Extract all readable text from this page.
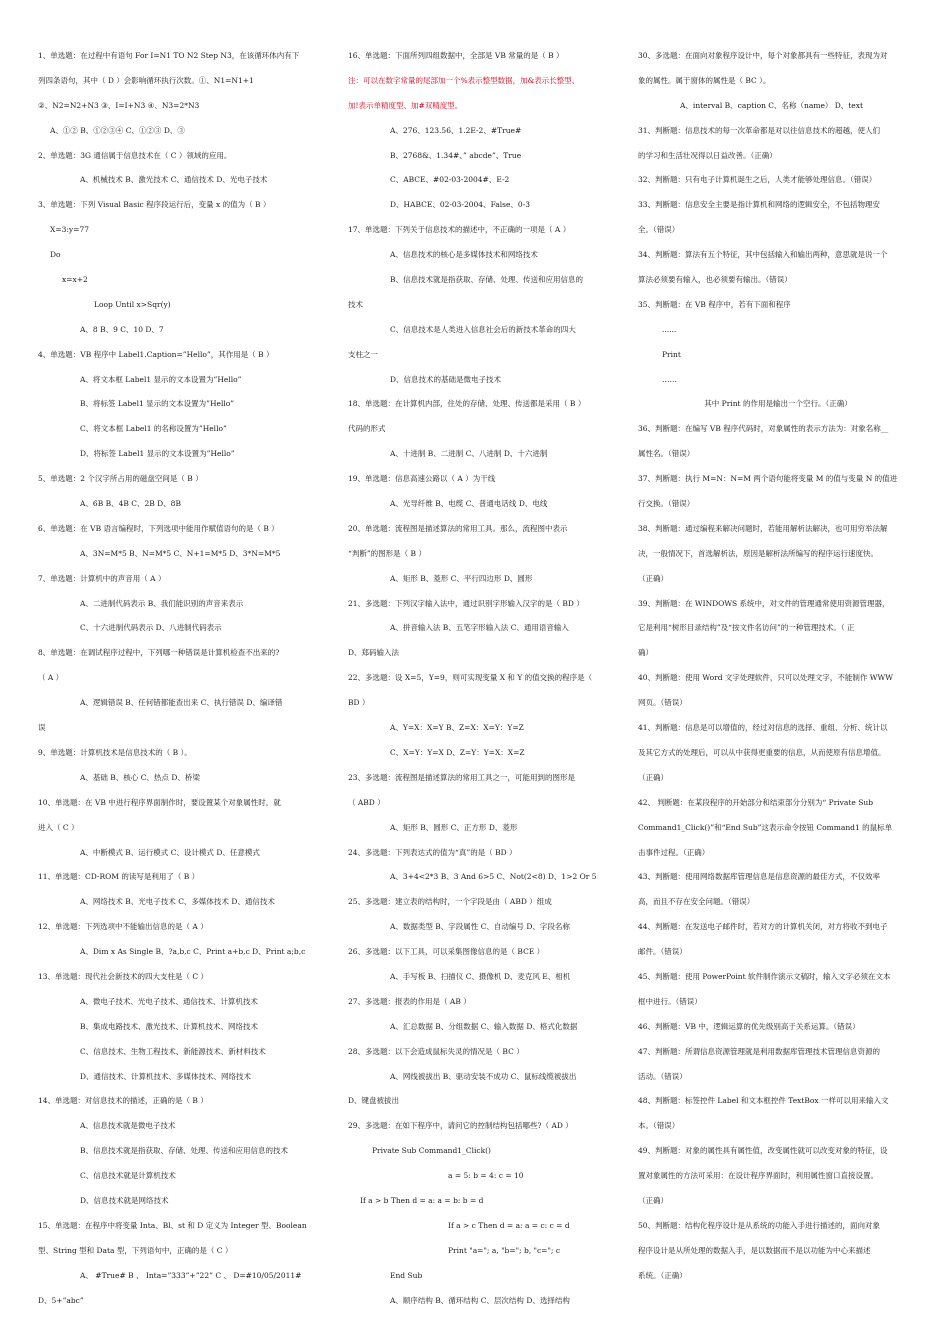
1、单选题：在过程中有语句 For I=N1 TO N2 Step N3，在该循环体内有下
列四条语句，其中（ D ）会影响循环执行次数。①、N1=N1+1
②、N2=N2+N3 ③、I=I+N3 ④、N3=2*N3
A、①② B、①②③④ C、①②③ D、③
2、单选题：3G 通信属于信息技术在（ C ）领域的应用。
A、机械技术 B、激光技术 C、通信技术 D、光电子技术
3、单选题：下列 Visual Basic 程序段运行后，变量 x 的值为（ B ）
X=3:y=77
Do
x=x+2
Loop Until x>Sqr(y)
A、8 B、9 C、10 D、7
4、单选题：VB 程序中 Label1.Caption=”Hello”，其作用是（ B ）
A、将文本框 Label1 显示的文本设置为”Hello”
B、将标签 Label1 显示的文本设置为”Hello”
C、将文本框 Label1 的名称设置为”Hello”
D、将标签 Label1 显示的文本设置为”Hello”
5、单选题：2 个汉字所占用的磁盘空间是（ B ）
A、6B B、4B C、2B D、8B
6、单选题：在 VB 语言编程时，下列选项中能用作赋值语句的是（ B ）
A、3N=M*5 B、N=M*5 C、N+1=M*5 D、3*N=M*5
7、单选题：计算机中的声音用（ A ）
A、二进制代码表示 B、我们能识别的声音来表示
C、十六进制代码表示 D、八进制代码表示
8、单选题：在调试程序过程中，下列哪一种错误是计算机检查不出来的?
（ A ）
A、逻辑错误 B、任何错都能查出来 C、执行错误 D、编译错
误
9、单选题：计算机技术是信息技术的（ B ）。
A、基础 B、核心 C、热点 D、桥梁
10、单选题：在 VB 中进行程序界面制作时，要设置某个对象属性时，就
进入（ C ）
A、中断模式 B、运行模式 C、设计模式 D、任意模式
11、单选题：CD-ROM 的读写是利用了（ B ）
A、网络技术 B、光电子技术 C、多媒体技术 D、通信技术
12、单选题：下列选项中不能输出信息的是（ A ）
A、Dim x As Single B、?a,b,c C、Print a+b,c D、Print a;b,c
13、单选题：现代社会新技术的四大支柱是（ C ）
A、微电子技术、光电子技术、通信技术、计算机技术
B、集成电路技术、激光技术、计算机技术、网络技术
C、信息技术、生物工程技术、新能源技术、新材料技术
D、通信技术、计算机技术、多媒体技术、网络技术
14、单选题：对信息技术的描述，正确的是（ B ）
A、信息技术就是微电子技术
B、信息技术就是指获取、存储、处理、传送和应用信息的技术
C、信息技术就是计算机技术
D、信息技术就是网络技术
15、单选题：在程序中将变量 Inta、Bl、st 和 D 定义为 Integer 型、Boolean
型、String 型和 Data 型，下列语句中，正确的是（ C ）
A、 #True# B 、 Inta=”333”+”22” C 、 D=#10/05/2011#
D、5+”abc”
16、单选题：下面所列四组数据中，全部是 VB 常量的是（ B ）
注：可以在数字常量的尾部加一个%表示整型数据，加&表示长整型、
加!表示单精度型、加#双精度型。
A、276、123.56、1.2E-2、#True#
B、2768&、1.34#、” abcde”、True
C、ABCE、#02-03-2004#、E-2
D、HABCE、02-03-2004、False、0-3
17、单选题：下列关于信息技术的描述中，不正确的一项是（ A ）
A、信息技术的核心是多媒体技术和网络技术
B、信息技术就是指获取、存储、处理、传送和应用信息的
技术
C、信息技术是人类进入信息社会后的新技术革命的四大
支柱之一
D、信息技术的基础是微电子技术
18、单选题：在计算机内部，住处的存储、处理、传送都是采用（ B ）
代码的形式
A、十进制 B、二进制 C、八进制 D、十六进制
19、单选题：信息高速公路以（ A ）为干线
A、光导纤维 B、电缆 C、普通电话线 D、电线
20、单选题：流程图是描述算法的常用工具。那么，流程图中表示
“判断”的图形是（ B ）
A、矩形 B、菱形 C、平行四边形 D、圆形
21、多选题：下列汉字输入法中，通过识别字形输入汉字的是（ BD ）
A、拼音输入法 B、五笔字形输入法 C、通用语音输入
D、郑码输入法
22、多选题：设 X=5，Y=9，则可实现变量 X 和 Y 的值交换的程序是（
BD ）
A、Y=X：X=Y B、Z=X：X=Y：Y=Z
C、X=Y：Y=X D、Z=Y：Y=X：X=Z
23、多选题：流程图是描述算法的常用工具之一，可能用到的图形是
（ ABD ）
A、矩形 B、圆形 C、正方形 D、菱形
24、多选题：下列表达式的值为“真”的是（ BD ）
A、3+4<2*3 B、3 And 6>5 C、Not(2<8) D、1>2 Or 5
25、多选题：建立表的结构时，一个字段是由（ ABD ）组成
A、数据类型 B、字段属性 C、自动编号 D、字段名称
26、多选题：以下工具，可以采集图像信息的是（ BCE ）
A、手写板 B、扫描仪 C、摄像机 D、麦克风 E、相机
27、多选题：报表的作用是（ AB ）
A、汇总数据 B、分组数据 C、输入数据 D、格式化数据
28、多选题：以下会造成鼠标失灵的情况是（ BC ）
A、网线被拔出 B、驱动安装不成功 C、鼠标线缆被拔出
D、键盘被拔出
29、多选题：在如下程序中，请问它的控制结构包括哪些?（ AD ）
Private Sub Command1_Click()
a = 5: b = 4: c = 10
If a > b Then d = a: a = b: b = d
If a > c Then d = a: a = c: c = d
Print "a="; a, "b="; b, "c="; c
End Sub
A、顺序结构 B、循环结构 C、层次结构 D、选择结构
30、多选题：在面向对象程序设计中，每个对象都具有一些特征，表现为对
象的属性。属于窗体的属性是（ BC ）。
A、interval B、caption C、名称（name） D、text
31、判断题：信息技术的每一次革命都是对以往信息技术的超越，使人们
的学习和生活壮况得以日益改善。（正确）
32、判断题：只有电子计算机诞生之后，人类才能够处理信息。（错误）
33、判断题：信息安全主要是指计算机和网络的逻辑安全，不包括物理安
全。（错误）
34、判断题：算法有五个特征，其中包括输入和输出两种，意思就是说一个
算法必须要有输入，也必须要有输出。（错误）
35、判断题：在 VB 程序中，若有下面和程序
......
Print
……
其中 Print 的作用是输出一个空行。（正确）
36、判断题：在编写 VB 程序代码时，对象属性的表示方法为：对象名称__
属性名。（错误）
37、判断题：执行 M=N：N=M 两个语句能将变量 M 的值与变量 N 的值进
行交换。（错误）
38、判断题：通过编程来解决问题时，若能用解析法解决，也可用穷举法解
决，一般情况下，首选解析法，原因是解析法所编写的程序运行速度快。
（正确）
39、判断题：在 WINDOWS 系统中，对文件的管理通常使用资源管理器，
它是利用“树形目录结构”及“按文件名访问”的一种管理技术。（ 正
确）
40、判断题：使用 Word 文字处理软件，只可以处理文字，不能制作 WWW
网页。（错误）
41、判断题：信息是可以增值的，经过对信息的选择、重组、分析、统计以
及其它方式的处理后，可以从中获得更重要的信息，从而使原有信息增值。
（正确）
42、 判断题：在某段程序的开始部分和结束部分分别为“ Private Sub
Command1_Click()”和“End Sub”这表示命令按钮 Command1 的鼠标单
击事件过程。（正确）
43、判断题：使用网络数据库管理信息是信息资源的最佳方式，不仅效率
高，而且不存在安全问题。（错误）
44、判断题：在发送电子邮件时，若对方的计算机关闭，对方将收不到电子
邮件。（错误）
45、判断题：使用 PowerPoint 软件制作演示文稿时，输入文字必须在文本
框中进行。（错误）
46、判断题：VB 中，逻辑运算的优先级别高于关系运算。（错误）
47、判断题：所谓信息资源管理就是利用数据库管理技术管理信息资源的
活动。（错误）
48、判断题：标签控件 Label 和文本框控件 TextBox 一样可以用来输入文
本。（错误）
49、判断题：对象的属性具有属性值，改变属性就可以改变对象的特征，设
置对象属性的方法可采用：在设计程序界面时，利用属性窗口直接设置。
（正确）
50、判断题：结构化程序设计是从系统的功能入手进行描述的，面向对象
程序设计是从所处理的数据入手，是以数据而不是以功能为中心来描述
系统。（正确）
